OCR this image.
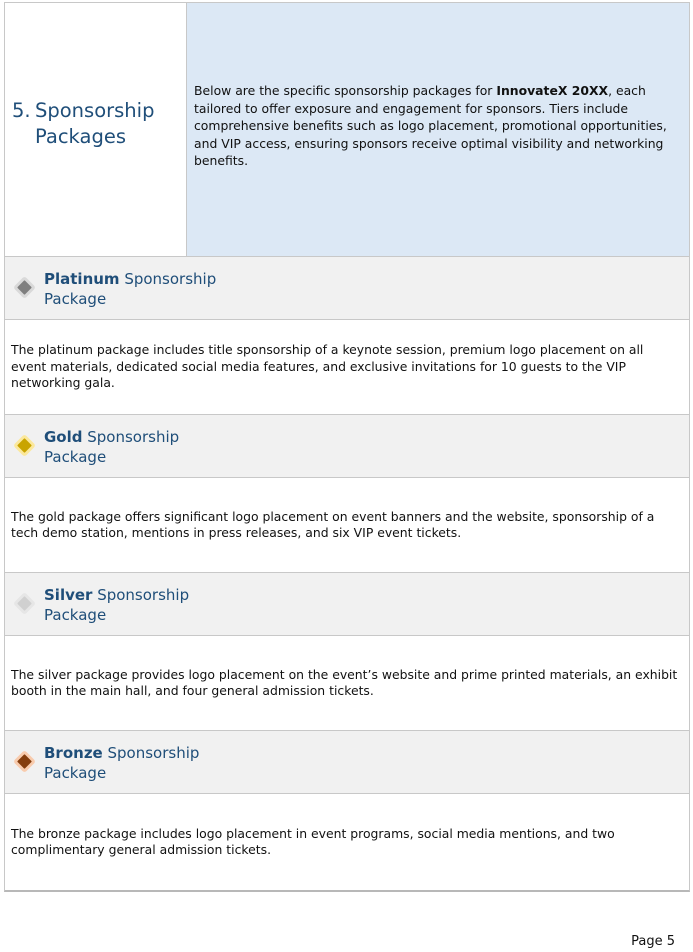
5. Sponsorship Packages
Below are the specific sponsorship packages for InnovateX 20XX, each tailored to offer exposure and engagement for sponsors. Tiers include comprehensive benefits such as logo placement, promotional opportunities, and VIP access, ensuring sponsors receive optimal visibility and networking benefits.
Platinum Sponsorship Package
The platinum package includes title sponsorship of a keynote session, premium logo placement on all event materials, dedicated social media features, and exclusive invitations for 10 guests to the VIP networking gala.
Gold Sponsorship Package
The gold package offers significant logo placement on event banners and the website, sponsorship of a tech demo station, mentions in press releases, and six VIP event tickets.
Silver Sponsorship Package
The silver package provides logo placement on the event’s website and prime printed materials, an exhibit booth in the main hall, and four general admission tickets.
Bronze Sponsorship Package
The bronze package includes logo placement in event programs, social media mentions, and two complimentary general admission tickets.
Page 5
